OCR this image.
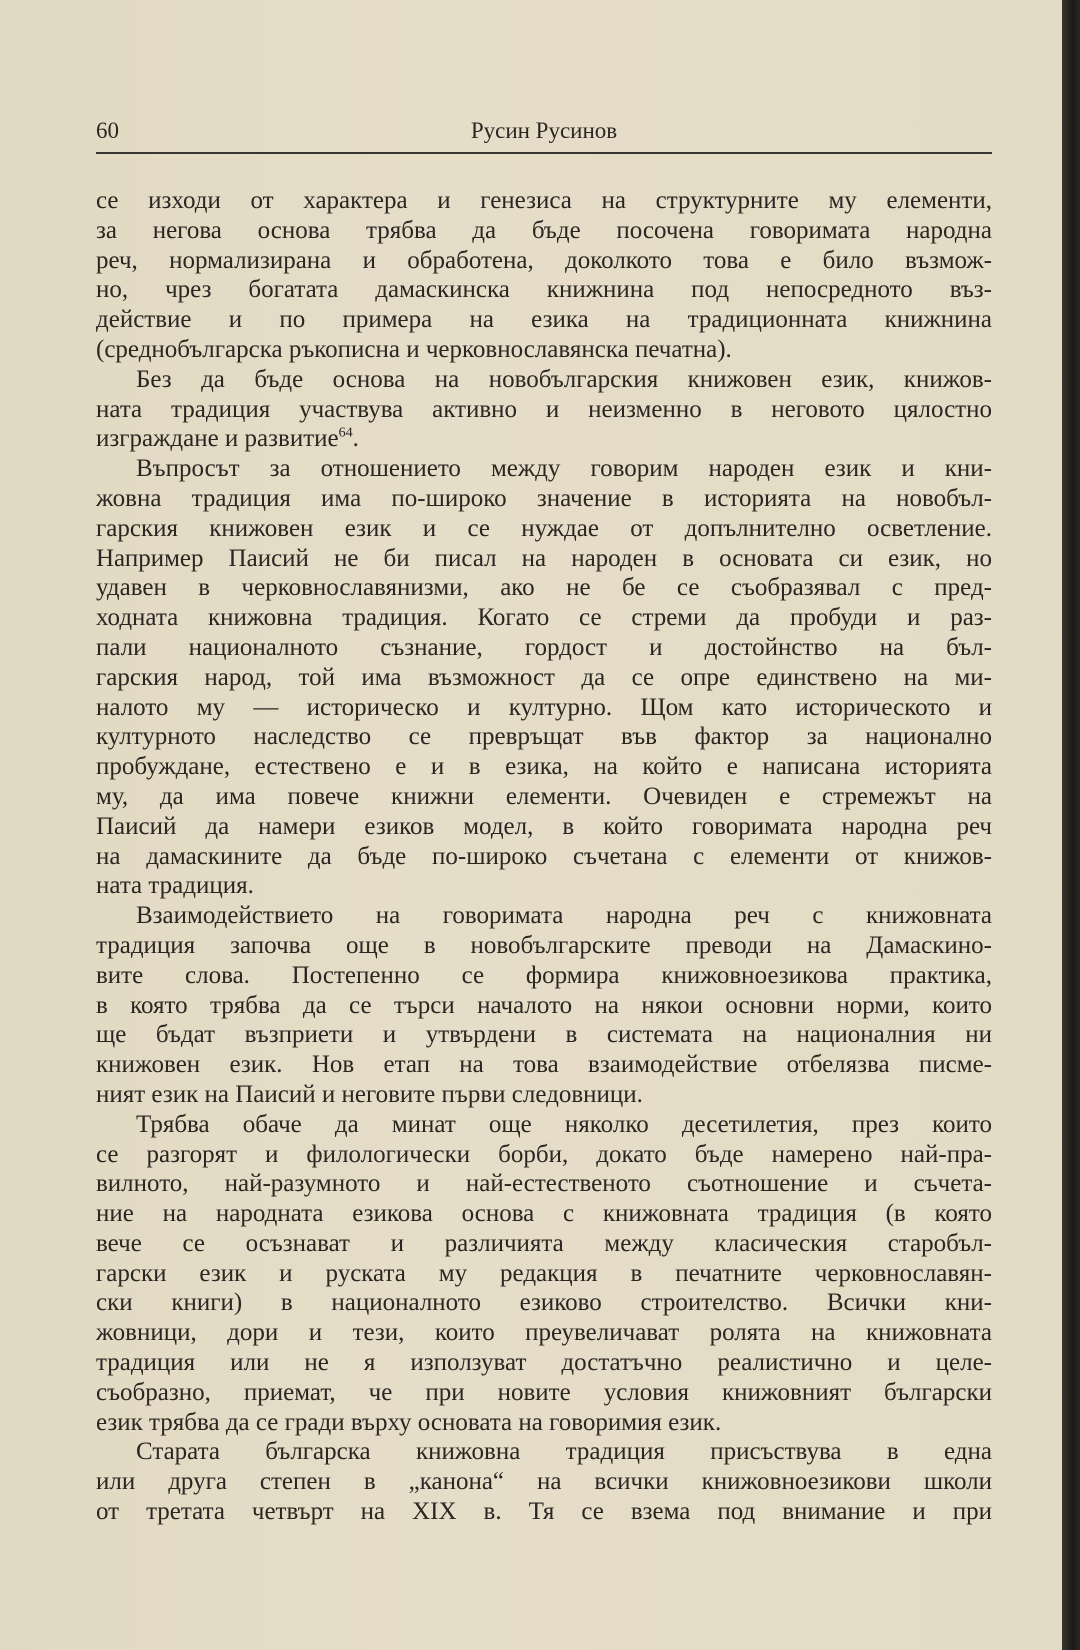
60	Русин Русинов
се изходи от характера и генезиса на структурните му елементи,
за негова основа трябва да бъде посочена говоримата народна
реч, нормализирана и обработена, доколкото това е било възмож-
но, чрез богатата дамаскинска книжнина под непосредното въз-
действие и по примера на езика на традиционната книжнина
(среднобългарска ръкописна и черковнославянска печатна).
Без да бъде основа на новобългарския книжовен език, книжов-
ната традиция участвува активно и неизменно в неговото цялостно
изграждане и развитие$^{64}$.
Въпросът за отношението между говорим народен език и кни-
жовна традиция има по-широко значение в историята на новобъл-
гарския книжовен език и се нуждае от допълнително осветление.
Например Паисий не би писал на народен в основата си език, но
удавен в черковнославянизми, ако не бе се съобразявал с пред-
ходната книжовна традиция. Когато се стреми да пробуди и раз-
пали националното съзнание, гордост и достойнство на бъл-
гарския народ, той има възможност да се опре единствено на ми-
налото му — историческо и културно. Щом като историческото и
културното наследство се превръщат във фактор за национално
пробуждане, естествено е и в езика, на който е написана историята
му, да има повече книжни елементи. Очевиден е стремежът на
Паисий да намери езиков модел, в който говоримата народна реч
на дамаскините да бъде по-широко съчетана с елементи от книжов-
ната традиция.
Взаимодействието на говоримата народна реч с книжовната
традиция започва още в новобългарските преводи на Дамаскино-
вите слова. Постепенно се формира книжовноезикова практика,
в която трябва да се търси началото на някои основни норми, които
ще бъдат възприети и утвърдени в системата на националния ни
книжовен език. Нов етап на това взаимодействие отбелязва писме-
ният език на Паисий и неговите първи следовници.
Трябва обаче да минат още няколко десетилетия, през които
се разгорят и филологически борби, докато бъде намерено най-пра-
вилното, най-разумното и най-естественото съотношение и съчета-
ние на народната езикова основа с книжовната традиция (в която
вече се осъзнават и различията между класическия старобъл-
гарски език и руската му редакция в печатните черковнославян-
ски книги) в националното езиково строителство. Всички кни-
жовници, дори и тези, които преувеличават ролята на книжовната
традиция или не я използуват достатъчно реалистично и целе-
съобразно, приемат, че при новите условия книжовният български
език трябва да се гради върху основата на говоримия език.
Старата българска книжовна традиция присъствува в една
или друга степен в „канона“ на всички книжовноезикови школи
от третата четвърт на XIX в. Тя се взема под внимание и при
